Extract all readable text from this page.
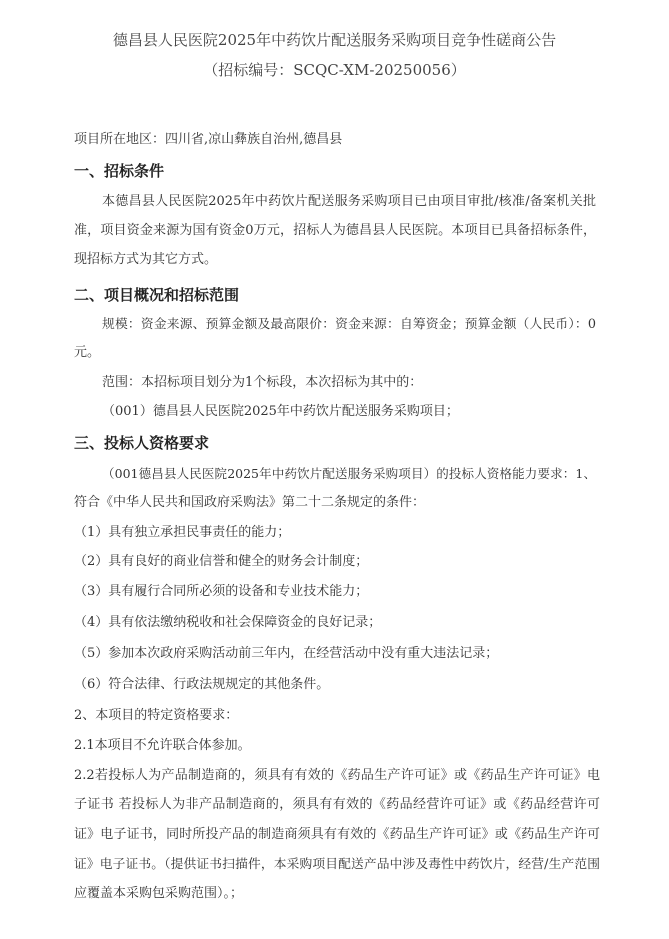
德昌县人民医院2025年中药饮片配送服务采购项目竞争性磋商公告
（招标编号：SCQC-XM-20250056）
项目所在地区：四川省,凉山彝族自治州,德昌县
一、招标条件
本德昌县人民医院2025年中药饮片配送服务采购项目已由项目审批/核准/备案机关批
准，项目资金来源为国有资金0万元，招标人为德昌县人民医院。本项目已具备招标条件，
现招标方式为其它方式。
二、项目概况和招标范围
规模：资金来源、预算金额及最高限价：资金来源：自筹资金；预算金额（人民币）：0
元。
范围：本招标项目划分为1个标段，本次招标为其中的：
（001）德昌县人民医院2025年中药饮片配送服务采购项目；
三、投标人资格要求
（001德昌县人民医院2025年中药饮片配送服务采购项目）的投标人资格能力要求：1、
符合《中华人民共和国政府采购法》第二十二条规定的条件：
（1）具有独立承担民事责任的能力；
（2）具有良好的商业信誉和健全的财务会计制度；
（3）具有履行合同所必须的设备和专业技术能力；
（4）具有依法缴纳税收和社会保障资金的良好记录；
（5）参加本次政府采购活动前三年内，在经营活动中没有重大违法记录；
（6）符合法律、行政法规规定的其他条件。
2、本项目的特定资格要求：
2.1本项目不允许联合体参加。
2.2若投标人为产品制造商的，须具有有效的《药品生产许可证》或《药品生产许可证》电
子证书 若投标人为非产品制造商的，须具有有效的《药品经营许可证》或《药品经营许可
证》电子证书，同时所投产品的制造商须具有有效的《药品生产许可证》或《药品生产许可
证》电子证书。（提供证书扫描件，本采购项目配送产品中涉及毒性中药饮片，经营/生产范围
应覆盖本采购包采购范围）。；
